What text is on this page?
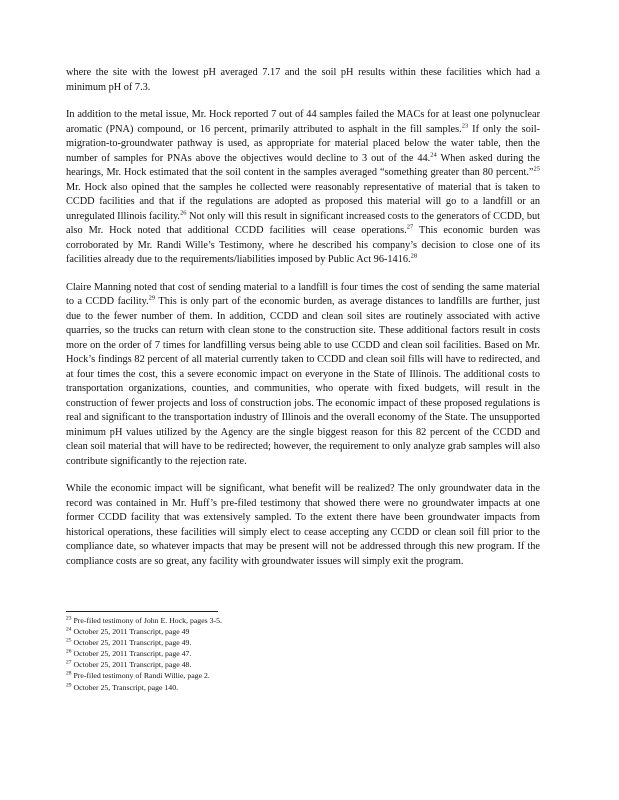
where the site with the lowest pH averaged 7.17 and the soil pH results within these facilities which had a minimum pH of 7.3.

In addition to the metal issue, Mr. Hock reported 7 out of 44 samples failed the MACs for at least one polynuclear aromatic (PNA) compound, or 16 percent, primarily attributed to asphalt in the fill samples.$^{23}$ If only the soil-migration-to-groundwater pathway is used, as appropriate for material placed below the water table, then the number of samples for PNAs above the objectives would decline to 3 out of the 44.24 When asked during the hearings, Mr. Hock estimated that the soil content in the samples averaged “something greater than 80 percent.”$^{25}$ Mr. Hock also opined that the samples he collected were reasonably representative of material that is taken to CCDD facilities and that if the regulations are adopted as proposed this material will go to a landfill or an unregulated Illinois facility.$^{26}$ Not only will this result in significant increased costs to the generators of CCDD, but also Mr. Hock noted that additional CCDD facilities will cease operations.$^{27}$ This economic burden was corroborated by Mr. Randi Wille’s Testimony, where he described his company’s decision to close one of its facilities already due to the requirements/liabilities imposed by Public Act 96-1416.28

Claire Manning noted that cost of sending material to a landfill is four times the cost of sending the same material to a CCDD facility.$^{29}$ This is only part of the economic burden, as average distances to landfills are further, just due to the fewer number of them. In addition, CCDD and clean soil sites are routinely associated with active quarries, so the trucks can return with clean stone to the construction site. These additional factors result in costs more on the order of 7 times for landfilling versus being able to use CCDD and clean soil facilities. Based on Mr. Hock’s findings 82 percent of all material currently taken to CCDD and clean soil fills will have to redirected, and at four times the cost, this a severe economic impact on everyone in the State of Illinois. The additional costs to transportation organizations, counties, and communities, who operate with fixed budgets, will result in the construction of fewer projects and loss of construction jobs. The economic impact of these proposed regulations is real and significant to the transportation industry of Illinois and the overall economy of the State. The unsupported minimum pH values utilized by the Agency are the single biggest reason for this 82 percent of the CCDD and clean soil material that will have to be redirected; however, the requirement to only analyze grab samples will also contribute significantly to the rejection rate.

While the economic impact will be significant, what benefit will be realized? The only groundwater data in the record was contained in Mr. Huff’s pre-filed testimony that showed there were no groundwater impacts at one former CCDD facility that was extensively sampled. To the extent there have been groundwater impacts from historical operations, these facilities will simply elect to cease accepting any CCDD or clean soil fill prior to the compliance date, so whatever impacts that may be present will not be addressed through this new program. If the compliance costs are so great, any facility with groundwater issues will simply exit the program.

$^{23}$ Pre-filed testimony of John E. Hock, pages 3-5.
$^{24}$ October 25, 2011 Transcript, page 49
$^{25}$ October 25, 2011 Transcript, page 49.
$^{26}$ October 25, 2011 Transcript, page 47.
$^{27}$ October 25, 2011 Transcript, page 48.
$^{28}$ Pre-filed testimony of Randi Willie, page 2.
$^{29}$ October 25, Transcript, page 140.
